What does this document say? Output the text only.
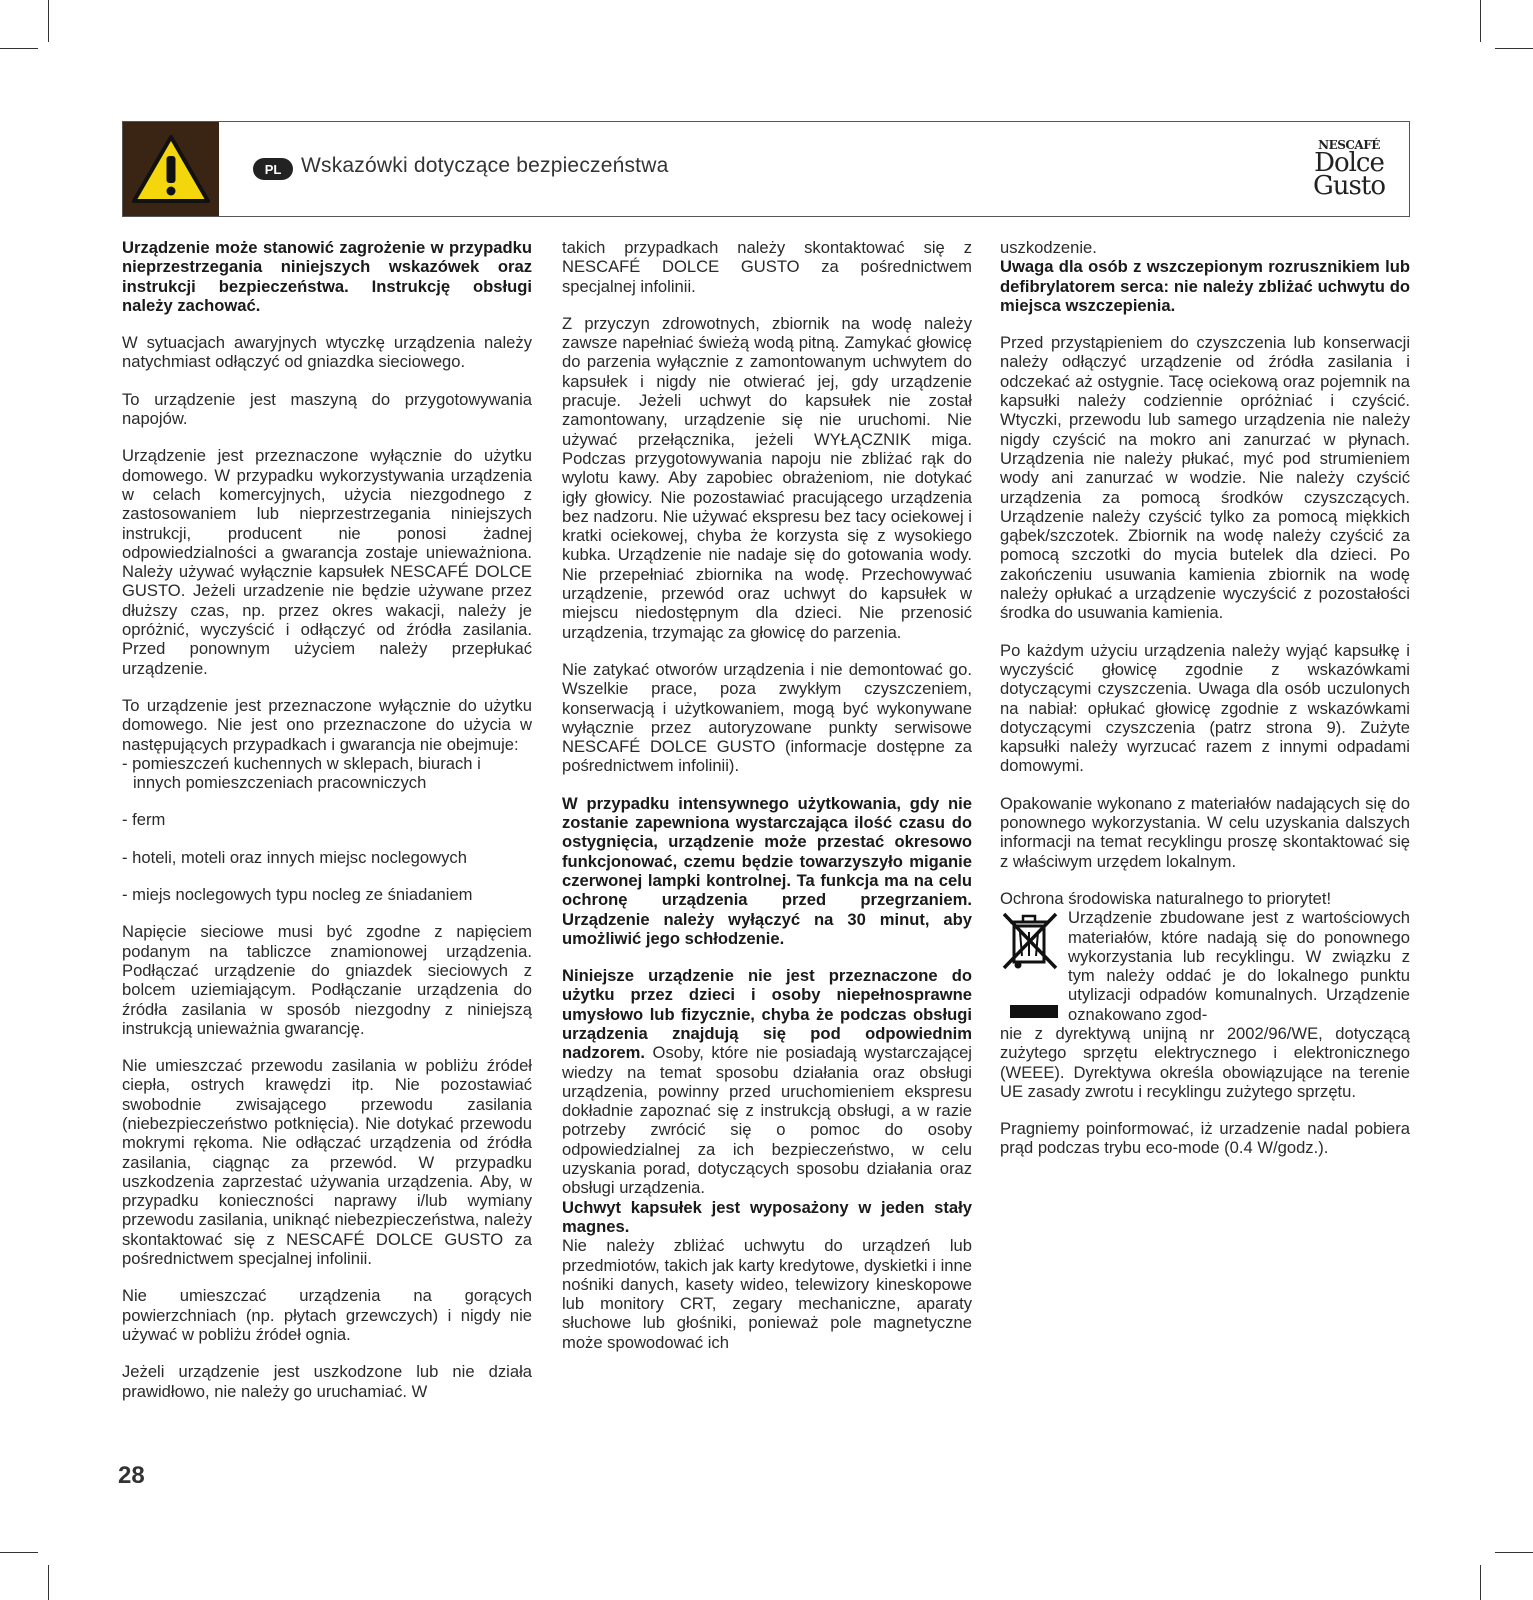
PL Wskazówki dotyczące bezpieczeństwa
NESCAFÉ
Dolce
Gusto

Urządzenie może stanowić zagrożenie w przypadku nieprzestrzegania niniejszych wskazówek oraz instrukcji bezpieczeństwa. Instrukcję obsługi należy zachować.

W sytuacjach awaryjnych wtyczkę urządzenia należy natychmiast odłączyć od gniazdka sieciowego.

To urządzenie jest maszyną do przygotowywania napojów.

Urządzenie jest przeznaczone wyłącznie do użytku domowego. W przypadku wykorzystywania urządzenia w celach komercyjnych, użycia niezgodnego z zastosowaniem lub nieprzestrzegania niniejszych instrukcji, producent nie ponosi żadnej odpowiedzialności a gwarancja zostaje unieważniona. Należy używać wyłącznie kapsułek NESCAFÉ DOLCE GUSTO. Jeżeli urzadzenie nie będzie używane przez dłuższy czas, np. przez okres wakacji, należy je opróżnić, wyczyścić i odłączyć od źródła zasilania. Przed ponownym użyciem należy przepłukać urządzenie.

To urządzenie jest przeznaczone wyłącznie do użytku domowego. Nie jest ono przeznaczone do użycia w następujących przypadkach i gwarancja nie obejmuje:

- pomieszczeń kuchennych w sklepach, biurach i innych pomieszczeniach pracowniczych

- ferm

- hoteli, moteli oraz innych miejsc noclegowych

- miejs noclegowych typu nocleg ze śniadaniem

Napięcie sieciowe musi być zgodne z napięciem podanym na tabliczce znamionowej urządzenia. Podłączać urządzenie do gniazdek sieciowych z bolcem uziemiającym. Podłączanie urządzenia do źródła zasilania w sposób niezgodny z niniejszą instrukcją unieważnia gwarancję.

Nie umieszczać przewodu zasilania w pobliżu źródeł ciepła, ostrych krawędzi itp. Nie pozostawiać swobodnie zwisającego przewodu zasilania (niebezpieczeństwo potknięcia). Nie dotykać przewodu mokrymi rękoma. Nie odłączać urządzenia od źródła zasilania, ciągnąc za przewód. W przypadku uszkodzenia zaprzestać używania urządzenia. Aby, w przypadku konieczności naprawy i/lub wymiany przewodu zasilania, uniknąć niebezpieczeństwa, należy skontaktować się z NESCAFÉ DOLCE GUSTO za pośrednictwem specjalnej infolinii.

Nie umieszczać urządzenia na gorących powierzchniach (np. płytach grzewczych) i nigdy nie używać w pobliżu źródeł ognia.

Jeżeli urządzenie jest uszkodzone lub nie działa prawidłowo, nie należy go uruchamiać. W

takich przypadkach należy skontaktować się z NESCAFÉ DOLCE GUSTO za pośrednictwem specjalnej infolinii.

Z przyczyn zdrowotnych, zbiornik na wodę należy zawsze napełniać świeżą wodą pitną. Zamykać głowicę do parzenia wyłącznie z zamontowanym uchwytem do kapsułek i nigdy nie otwierać jej, gdy urządzenie pracuje. Jeżeli uchwyt do kapsułek nie został zamontowany, urządzenie się nie uruchomi. Nie używać przełącznika, jeżeli WYŁĄCZNIK miga. Podczas przygotowywania napoju nie zbliżać rąk do wylotu kawy. Aby zapobiec obrażeniom, nie dotykać igły głowicy. Nie pozostawiać pracującego urządzenia bez nadzoru. Nie używać ekspresu bez tacy ociekowej i kratki ociekowej, chyba że korzysta się z wysokiego kubka. Urządzenie nie nadaje się do gotowania wody. Nie przepełniać zbiornika na wodę. Przechowywać urządzenie, przewód oraz uchwyt do kapsułek w miejscu niedostępnym dla dzieci. Nie przenosić urządzenia, trzymając za głowicę do parzenia.

Nie zatykać otworów urządzenia i nie demontować go. Wszelkie prace, poza zwykłym czyszczeniem, konserwacją i użytkowaniem, mogą być wykonywane wyłącznie przez autoryzowane punkty serwisowe NESCAFÉ DOLCE GUSTO (informacje dostępne za pośrednictwem infolinii).

W przypadku intensywnego użytkowania, gdy nie zostanie zapewniona wystarczająca ilość czasu do ostygnięcia, urządzenie może przestać okresowo funkcjonować, czemu będzie towarzyszyło miganie czerwonej lampki kontrolnej. Ta funkcja ma na celu ochronę urządzenia przed przegrzaniem. Urządzenie należy wyłączyć na 30 minut, aby umożliwić jego schłodzenie.

Niniejsze urządzenie nie jest przeznaczone do użytku przez dzieci i osoby niepełnosprawne umysłowo lub fizycznie, chyba że podczas obsługi urządzenia znajdują się pod odpowiednim nadzorem. Osoby, które nie posiadają wystarczającej wiedzy na temat sposobu działania oraz obsługi urządzenia, powinny przed uruchomieniem ekspresu dokładnie zapoznać się z instrukcją obsługi, a w razie potrzeby zwrócić się o pomoc do osoby odpowiedzialnej za ich bezpieczeństwo, w celu uzyskania porad, dotyczących sposobu działania oraz obsługi urządzenia.

Uchwyt kapsułek jest wyposażony w jeden stały magnes.

Nie należy zbliżać uchwytu do urządzeń lub przedmiotów, takich jak karty kredytowe, dyskietki i inne nośniki danych, kasety wideo, telewizory kineskopowe lub monitory CRT, zegary mechaniczne, aparaty słuchowe lub głośniki, ponieważ pole magnetyczne może spowodować ich

uszkodzenie.

Uwaga dla osób z wszczepionym rozrusznikiem lub defibrylatorem serca: nie należy zbliżać uchwytu do miejsca wszczepienia.

Przed przystąpieniem do czyszczenia lub konserwacji należy odłączyć urządzenie od źródła zasilania i odczekać aż ostygnie. Tacę ociekową oraz pojemnik na kapsułki należy codziennie opróżniać i czyścić. Wtyczki, przewodu lub samego urządzenia nie należy nigdy czyścić na mokro ani zanurzać w płynach. Urządzenia nie należy płukać, myć pod strumieniem wody ani zanurzać w wodzie. Nie należy czyścić urządzenia za pomocą środków czyszczących. Urządzenie należy czyścić tylko za pomocą miękkich gąbek/szczotek. Zbiornik na wodę należy czyścić za pomocą szczotki do mycia butelek dla dzieci. Po zakończeniu usuwania kamienia zbiornik na wodę należy opłukać a urządzenie wyczyścić z pozostałości środka do usuwania kamienia.

Po każdym użyciu urządzenia należy wyjąć kapsułkę i wyczyścić głowicę zgodnie z wskazówkami dotyczącymi czyszczenia. Uwaga dla osób uczulonych na nabiał: opłukać głowicę zgodnie z wskazówkami dotyczącymi czyszczenia (patrz strona 9). Zużyte kapsułki należy wyrzucać razem z innymi odpadami domowymi.

Opakowanie wykonano z materiałów nadających się do ponownego wykorzystania. W celu uzyskania dalszych informacji na temat recyklingu proszę skontaktować się z właściwym urzędem lokalnym.

Ochrona środowiska naturalnego to priorytet!

Urządzenie zbudowane jest z wartościowych materiałów, które nadają się do ponownego wykorzystania lub recyklingu. W związku z tym należy oddać je do lokalnego punktu utylizacji odpadów komunalnych. Urządzenie oznakowano zgod-

nie z dyrektywą unijną nr 2002/96/WE, dotyczącą zużytego sprzętu elektrycznego i elektronicznego (WEEE). Dyrektywa określa obowiązujące na terenie UE zasady zwrotu i recyklingu zużytego sprzętu.

Pragniemy poinformować, iż urzadzenie nadal pobiera prąd podczas trybu eco-mode (0.4 W/godz.).

28
